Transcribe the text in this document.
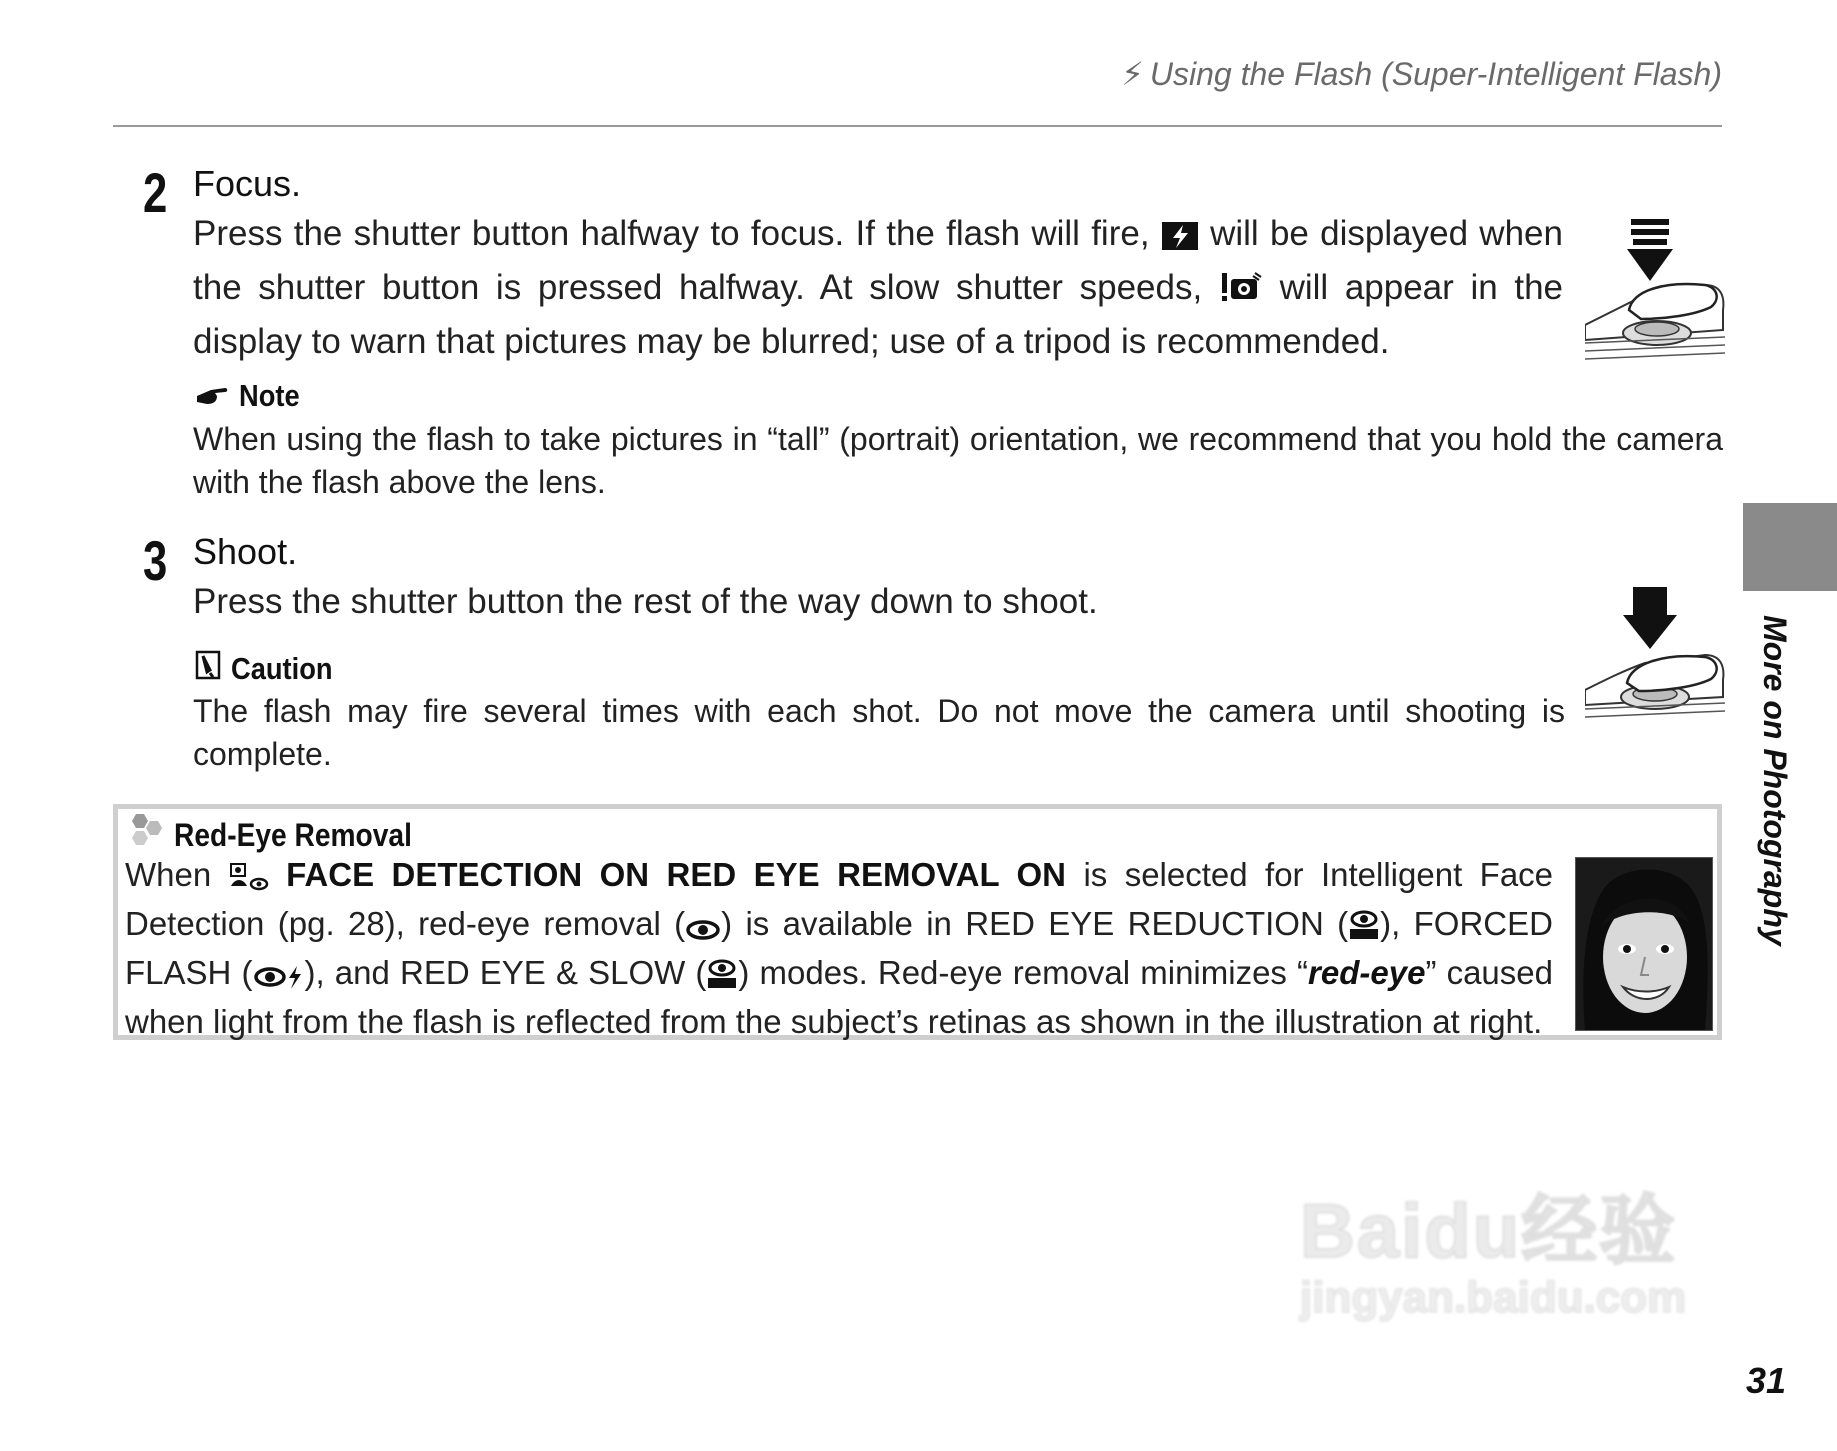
⚡ Using the Flash (Super-Intelligent Flash)
2 Focus.
Press the shutter button halfway to focus. If the flash will fire, will be displayed when the shutter button is pressed halfway. At slow shutter speeds, will appear in the display to warn that pictures may be blurred; use of a tripod is recommended.
Note
When using the flash to take pictures in “tall” (portrait) orientation, we recommend that you hold the camera with the flash above the lens.
3 Shoot.
Press the shutter button the rest of the way down to shoot.
Caution
The flash may fire several times with each shot. Do not move the camera until shooting is complete.	More on Photography
Red-Eye Removal
When FACE DETECTION ON RED EYE REMOVAL ON is selected for Intelligent Face Detection (pg. 28), red-eye removal ( ) is available in RED EYE REDUCTION ( ), FORCED FLASH ( ), and RED EYE & SLOW ( ) modes. Red-eye removal minimizes “red-eye” caused when light from the flash is reflected from the subject’s retinas as shown in the illustration at right.
Baidu经验
jingyan.baidu.com
31
